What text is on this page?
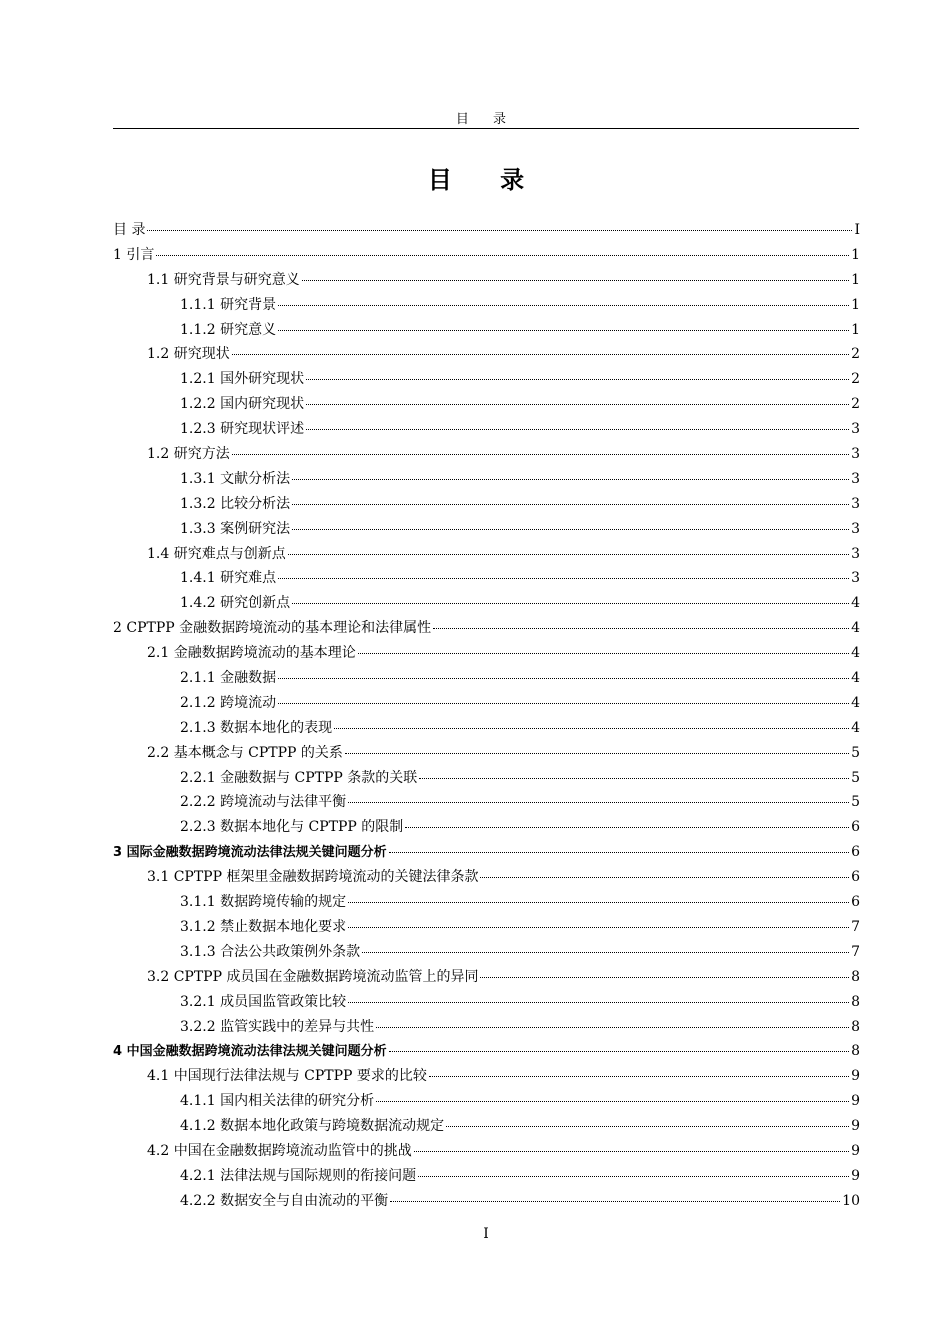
目 录
目 录
目 录	I
1 引言	1
1.1 研究背景与研究意义	1
1.1.1 研究背景	1
1.1.2 研究意义	1
1.2 研究现状	2
1.2.1 国外研究现状	2
1.2.2 国内研究现状	2
1.2.3 研究现状评述	3
1.2 研究方法	3
1.3.1 文献分析法	3
1.3.2 比较分析法	3
1.3.3 案例研究法	3
1.4 研究难点与创新点	3
1.4.1 研究难点	3
1.4.2 研究创新点	4
2 CPTPP 金融数据跨境流动的基本理论和法律属性	4
2.1 金融数据跨境流动的基本理论	4
2.1.1 金融数据	4
2.1.2 跨境流动	4
2.1.3 数据本地化的表现	4
2.2 基本概念与 CPTPP 的关系	5
2.2.1 金融数据与 CPTPP 条款的关联	5
2.2.2 跨境流动与法律平衡	5
2.2.3 数据本地化与 CPTPP 的限制	6
3 国际金融数据跨境流动法律法规关键问题分析	6
3.1 CPTPP 框架里金融数据跨境流动的关键法律条款	6
3.1.1 数据跨境传输的规定	6
3.1.2 禁止数据本地化要求	7
3.1.3 合法公共政策例外条款	7
3.2 CPTPP 成员国在金融数据跨境流动监管上的异同	8
3.2.1 成员国监管政策比较	8
3.2.2 监管实践中的差异与共性	8
4 中国金融数据跨境流动法律法规关键问题分析	8
4.1 中国现行法律法规与 CPTPP 要求的比较	9
4.1.1 国内相关法律的研究分析	9
4.1.2 数据本地化政策与跨境数据流动规定	9
4.2 中国在金融数据跨境流动监管中的挑战	9
4.2.1 法律法规与国际规则的衔接问题	9
4.2.2 数据安全与自由流动的平衡	10
I
